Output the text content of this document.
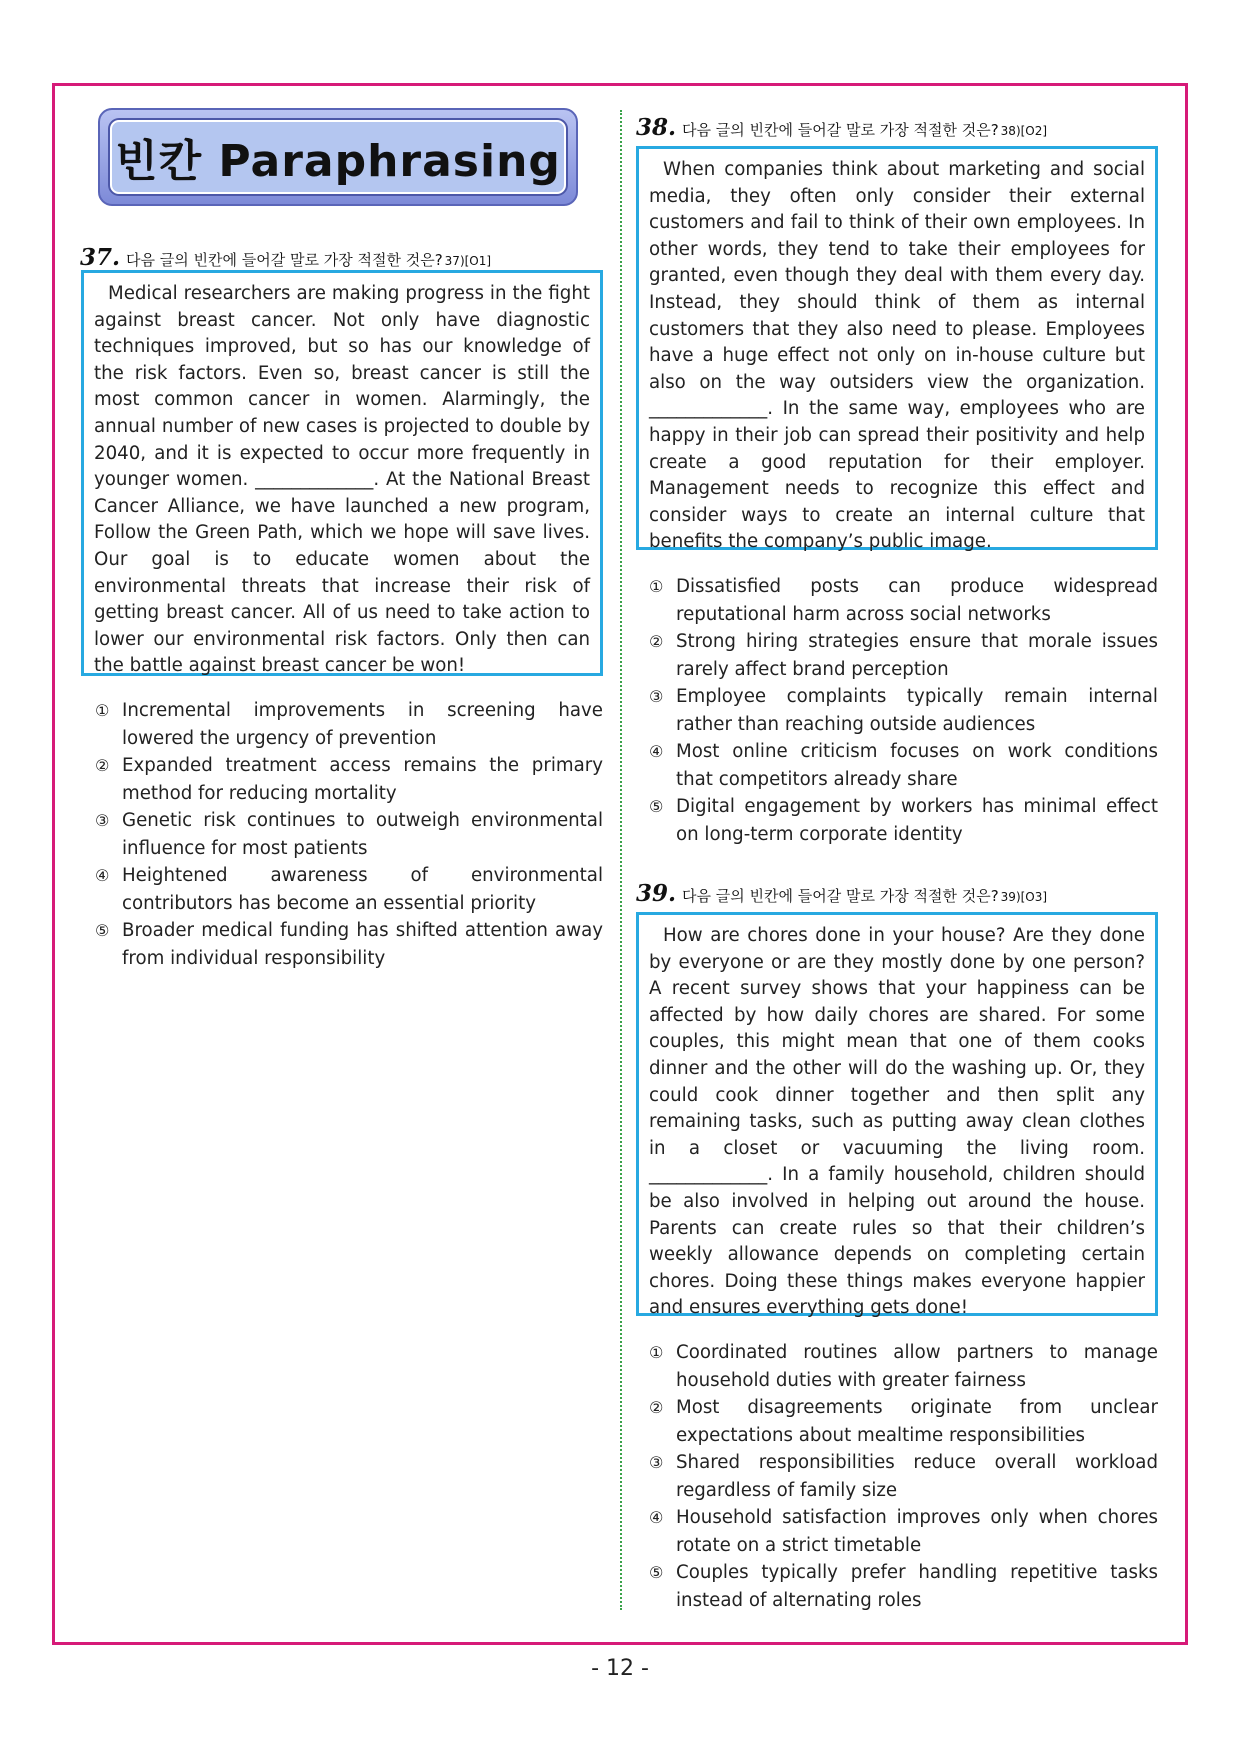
빈칸 Paraphrasing
37. 다음 글의 빈칸에 들어갈 말로 가장 적절한 것은? 37)[O1]

Medical researchers are making progress in the fight against breast cancer. Not only have diagnostic techniques improved, but so has our knowledge of the risk factors. Even so, breast cancer is still the most common cancer in women. Alarmingly, the annual number of new cases is projected to double by 2040, and it is expected to occur more frequently in younger women. _____________. At the National Breast Cancer Alliance, we have launched a new program, Follow the Green Path, which we hope will save lives. Our goal is to educate women about the environmental threats that increase their risk of getting breast cancer. All of us need to take action to lower our environmental risk factors. Only then can the battle against breast cancer be won!

① Incremental improvements in screening have lowered the urgency of prevention
② Expanded treatment access remains the primary method for reducing mortality
③ Genetic risk continues to outweigh environmental influence for most patients
④ Heightened awareness of environmental contributors has become an essential priority
⑤ Broader medical funding has shifted attention away from individual responsibility
38. 다음 글의 빈칸에 들어갈 말로 가장 적절한 것은? 38)[O2]

When companies think about marketing and social media, they often only consider their external customers and fail to think of their own employees. In other words, they tend to take their employees for granted, even though they deal with them every day. Instead, they should think of them as internal customers that they also need to please. Employees have a huge effect not only on in-house culture but also on the way outsiders view the organization. _____________. In the same way, employees who are happy in their job can spread their positivity and help create a good reputation for their employer. Management needs to recognize this effect and consider ways to create an internal culture that benefits the company’s public image.

① Dissatisfied posts can produce widespread reputational harm across social networks
② Strong hiring strategies ensure that morale issues rarely affect brand perception
③ Employee complaints typically remain internal rather than reaching outside audiences
④ Most online criticism focuses on work conditions that competitors already share
⑤ Digital engagement by workers has minimal effect on long-term corporate identity
39. 다음 글의 빈칸에 들어갈 말로 가장 적절한 것은? 39)[O3]

How are chores done in your house? Are they done by everyone or are they mostly done by one person? A recent survey shows that your happiness can be affected by how daily chores are shared. For some couples, this might mean that one of them cooks dinner and the other will do the washing up. Or, they could cook dinner together and then split any remaining tasks, such as putting away clean clothes in a closet or vacuuming the living room. _____________. In a family household, children should be also involved in helping out around the house. Parents can create rules so that their children’s weekly allowance depends on completing certain chores. Doing these things makes everyone happier and ensures everything gets done!

① Coordinated routines allow partners to manage household duties with greater fairness
② Most disagreements originate from unclear expectations about mealtime responsibilities
③ Shared responsibilities reduce overall workload regardless of family size
④ Household satisfaction improves only when chores rotate on a strict timetable
⑤ Couples typically prefer handling repetitive tasks instead of alternating roles
- 12 -
